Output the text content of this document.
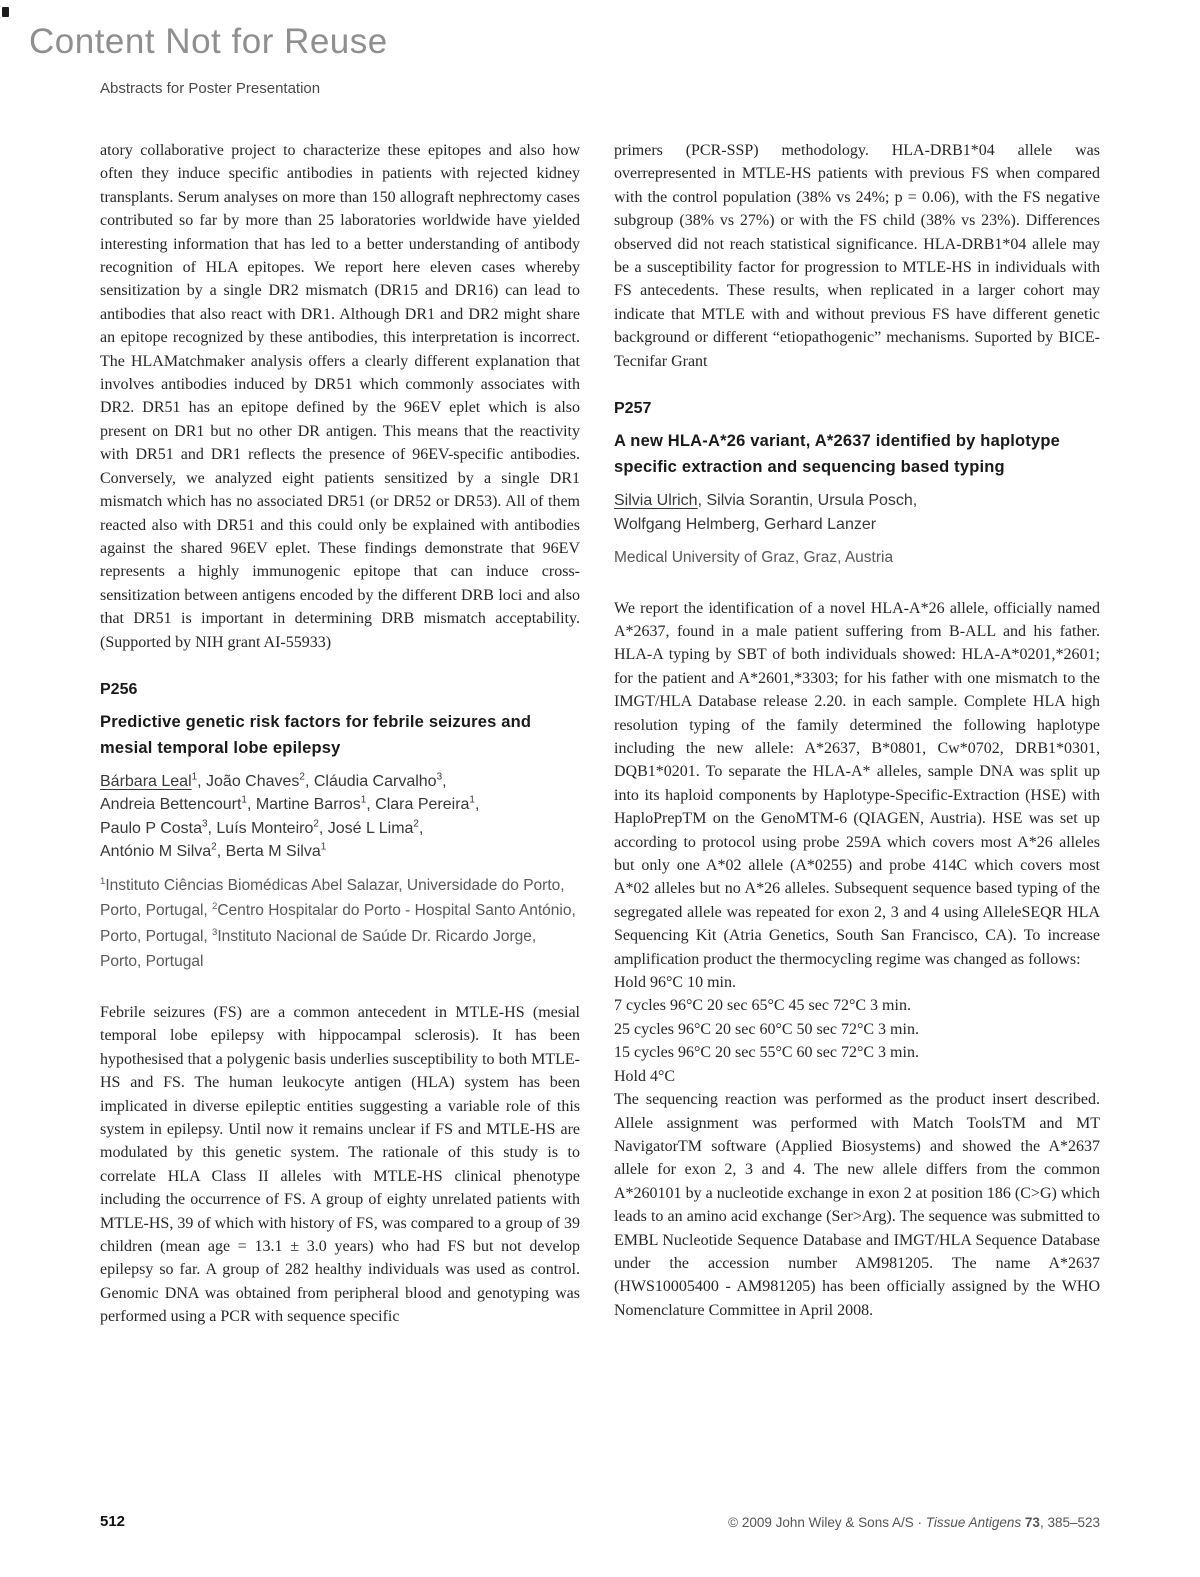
Content Not for Reuse
Abstracts for Poster Presentation
atory collaborative project to characterize these epitopes and also how often they induce specific antibodies in patients with rejected kidney transplants. Serum analyses on more than 150 allograft nephrectomy cases contributed so far by more than 25 laboratories worldwide have yielded interesting information that has led to a better understanding of antibody recognition of HLA epitopes. We report here eleven cases whereby sensitization by a single DR2 mismatch (DR15 and DR16) can lead to antibodies that also react with DR1. Although DR1 and DR2 might share an epitope recognized by these antibodies, this interpretation is incorrect. The HLAMatchmaker analysis offers a clearly different explanation that involves antibodies induced by DR51 which commonly associates with DR2. DR51 has an epitope defined by the 96EV eplet which is also present on DR1 but no other DR antigen. This means that the reactivity with DR51 and DR1 reflects the presence of 96EV-specific antibodies. Conversely, we analyzed eight patients sensitized by a single DR1 mismatch which has no associated DR51 (or DR52 or DR53). All of them reacted also with DR51 and this could only be explained with antibodies against the shared 96EV eplet. These findings demonstrate that 96EV represents a highly immunogenic epitope that can induce cross-sensitization between antigens encoded by the different DRB loci and also that DR51 is important in determining DRB mismatch acceptability. (Supported by NIH grant AI-55933)
P256
Predictive genetic risk factors for febrile seizures and mesial temporal lobe epilepsy
Bárbara Leal$^1$, João Chaves$^2$, Cláudia Carvalho$^3$,
Andreia Bettencourt$^1$, Martine Barros$^1$, Clara Pereira$^1$,
Paulo P Costa$^3$, Luís Monteiro$^2$, José L Lima$^2$,
António M Silva$^2$, Berta M Silva$^1$
$^1$Instituto Ciências Biomédicas Abel Salazar, Universidade do Porto, Porto, Portugal, $^2$Centro Hospitalar do Porto - Hospital Santo António, Porto, Portugal, $^3$Instituto Nacional de Saúde Dr. Ricardo Jorge, Porto, Portugal
Febrile seizures (FS) are a common antecedent in MTLE-HS (mesial temporal lobe epilepsy with hippocampal sclerosis). It has been hypothesised that a polygenic basis underlies susceptibility to both MTLE-HS and FS. The human leukocyte antigen (HLA) system has been implicated in diverse epileptic entities suggesting a variable role of this system in epilepsy. Until now it remains unclear if FS and MTLE-HS are modulated by this genetic system. The rationale of this study is to correlate HLA Class II alleles with MTLE-HS clinical phenotype including the occurrence of FS. A group of eighty unrelated patients with MTLE-HS, 39 of which with history of FS, was compared to a group of 39 children (mean age = 13.1 ± 3.0 years) who had FS but not develop epilepsy so far. A group of 282 healthy individuals was used as control. Genomic DNA was obtained from peripheral blood and genotyping was performed using a PCR with sequence specific
primers (PCR-SSP) methodology. HLA-DRB1*04 allele was overrepresented in MTLE-HS patients with previous FS when compared with the control population (38% vs 24%; p = 0.06), with the FS negative subgroup (38% vs 27%) or with the FS child (38% vs 23%). Differences observed did not reach statistical significance. HLA-DRB1*04 allele may be a susceptibility factor for progression to MTLE-HS in individuals with FS antecedents. These results, when replicated in a larger cohort may indicate that MTLE with and without previous FS have different genetic background or different “etiopathogenic” mechanisms. Suported by BICE-Tecnifar Grant
P257
A new HLA-A*26 variant, A*2637 identified by haplotype specific extraction and sequencing based typing
Silvia Ulrich, Silvia Sorantin, Ursula Posch,
Wolfgang Helmberg, Gerhard Lanzer
Medical University of Graz, Graz, Austria
We report the identification of a novel HLA-A*26 allele, officially named A*2637, found in a male patient suffering from B-ALL and his father. HLA-A typing by SBT of both individuals showed: HLA-A*0201,*2601; for the patient and A*2601,*3303; for his father with one mismatch to the IMGT/HLA Database release 2.20. in each sample. Complete HLA high resolution typing of the family determined the following haplotype including the new allele: A*2637, B*0801, Cw*0702, DRB1*0301, DQB1*0201. To separate the HLA-A* alleles, sample DNA was split up into its haploid components by Haplotype-Specific-Extraction (HSE) with HaploPrepTM on the GenoMTM-6 (QIAGEN, Austria). HSE was set up according to protocol using probe 259A which covers most A*26 alleles but only one A*02 allele (A*0255) and probe 414C which covers most A*02 alleles but no A*26 alleles. Subsequent sequence based typing of the segregated allele was repeated for exon 2, 3 and 4 using AlleleSEQR HLA Sequencing Kit (Atria Genetics, South San Francisco, CA). To increase amplification product the thermocycling regime was changed as follows:
Hold 96°C 10 min.
7 cycles 96°C 20 sec 65°C 45 sec 72°C 3 min.
25 cycles 96°C 20 sec 60°C 50 sec 72°C 3 min.
15 cycles 96°C 20 sec 55°C 60 sec 72°C 3 min.
Hold 4°C
The sequencing reaction was performed as the product insert described. Allele assignment was performed with Match ToolsTM and MT NavigatorTM software (Applied Biosystems) and showed the A*2637 allele for exon 2, 3 and 4. The new allele differs from the common A*260101 by a nucleotide exchange in exon 2 at position 186 (C>G) which leads to an amino acid exchange (Ser>Arg). The sequence was submitted to EMBL Nucleotide Sequence Database and IMGT/HLA Sequence Database under the accession number AM981205. The name A*2637 (HWS10005400 - AM981205) has been officially assigned by the WHO Nomenclature Committee in April 2008.
512	© 2009 John Wiley & Sons A/S · Tissue Antigens 73, 385–523
